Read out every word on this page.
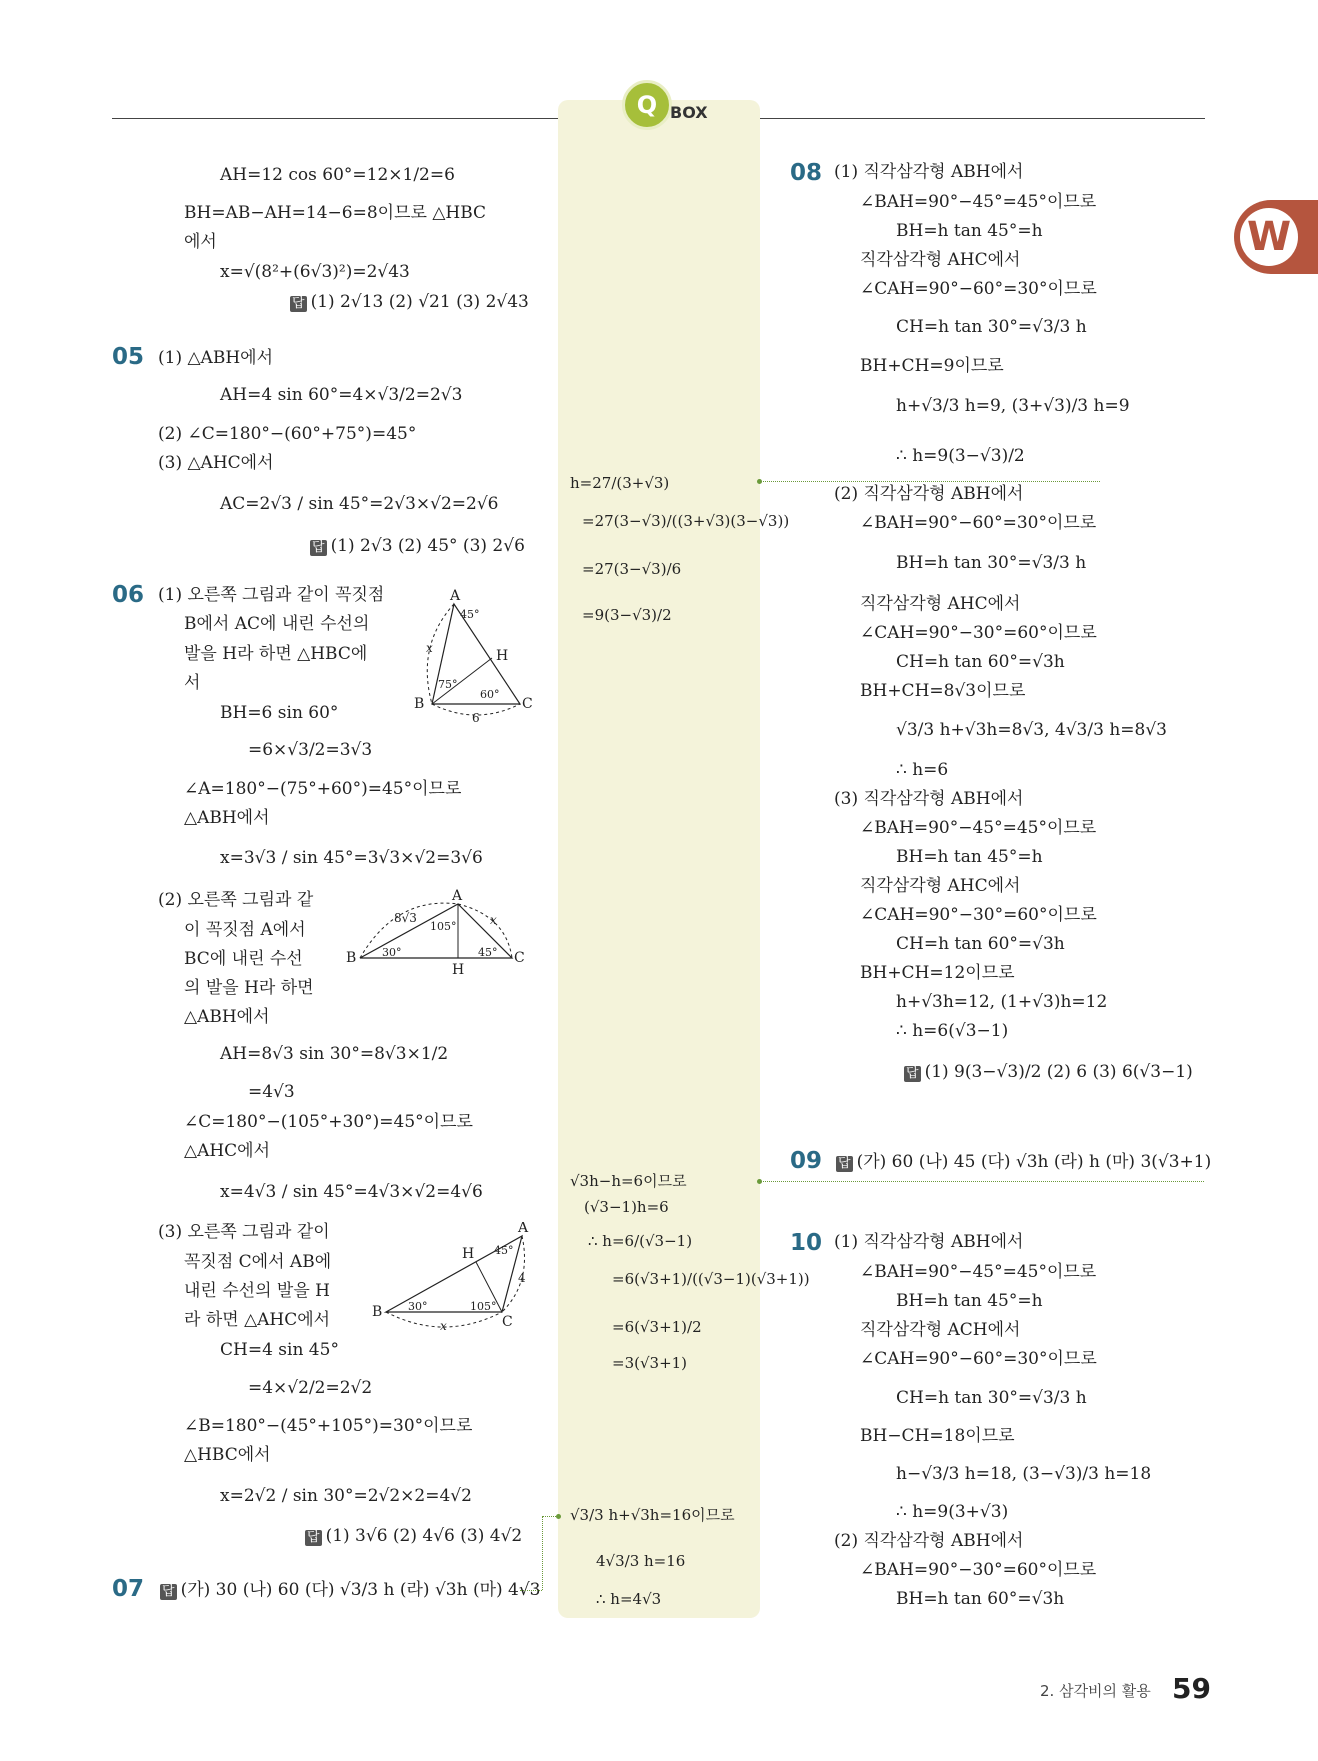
Q BOX
W
05
06
07
08
09
10
AH=12 cos 60°=12×1/2=6
BH=AB−AH=14−6=8이므로 △HBC
에서
x=√(8²+(6√3)²)=2√43
답 (1) 2√13 (2) √21 (3) 2√43
(1) △ABH에서
AH=4 sin 60°=4×√3/2=2√3
(2) ∠C=180°−(60°+75°)=45°
(3) △AHC에서
AC=2√3 / sin 45°=2√3×√2=2√6
답 (1) 2√3 (2) 45° (3) 2√6
(1) 오른쪽 그림과 같이 꼭짓점
B에서 AC에 내린 수선의
발을 H라 하면 △HBC에
서
BH=6 sin 60°
=6×√3/2=3√3
∠A=180°−(75°+60°)=45°이므로
△ABH에서
x=3√3 / sin 45°=3√3×√2=3√6
(2) 오른쪽 그림과 같
이 꼭짓점 A에서
BC에 내린 수선
의 발을 H라 하면
△ABH에서
AH=8√3 sin 30°=8√3×1/2
=4√3
∠C=180°−(105°+30°)=45°이므로
△AHC에서
x=4√3 / sin 45°=4√3×√2=4√6
(3) 오른쪽 그림과 같이
꼭짓점 C에서 AB에
내린 수선의 발을 H
라 하면 △AHC에서
CH=4 sin 45°
=4×√2/2=2√2
∠B=180°−(45°+105°)=30°이므로
△HBC에서
x=2√2 / sin 30°=2√2×2=4√2
답 (1) 3√6 (2) 4√6 (3) 4√2
답 (가) 30 (나) 60 (다) √3/3 h (라) √3h (마) 4√3
A
B	C
H
45°
75°
60°
6
x
A
B	C
H
8√3	x
105°
30°	45°
A
B
C
H 45°
30°	105°
4
x
h=27/(3+√3)
=27(3−√3)/((3+√3)(3−√3))
=27(3−√3)/6
=9(3−√3)/2
√3h−h=6이므로
(√3−1)h=6
∴ h=6/(√3−1)
=6(√3+1)/((√3−1)(√3+1))
=6(√3+1)/2
=3(√3+1)
√3/3 h+√3h=16이므로
4√3/3 h=16
∴ h=4√3
(1) 직각삼각형 ABH에서
∠BAH=90°−45°=45°이므로
BH=h tan 45°=h
직각삼각형 AHC에서
∠CAH=90°−60°=30°이므로
CH=h tan 30°=√3/3 h
BH+CH=9이므로
h+√3/3 h=9, (3+√3)/3 h=9
∴ h=9(3−√3)/2
(2) 직각삼각형 ABH에서
∠BAH=90°−60°=30°이므로
BH=h tan 30°=√3/3 h
직각삼각형 AHC에서
∠CAH=90°−30°=60°이므로
CH=h tan 60°=√3h
BH+CH=8√3이므로
√3/3 h+√3h=8√3, 4√3/3 h=8√3
∴ h=6
(3) 직각삼각형 ABH에서
∠BAH=90°−45°=45°이므로
BH=h tan 45°=h
직각삼각형 AHC에서
∠CAH=90°−30°=60°이므로
CH=h tan 60°=√3h
BH+CH=12이므로
h+√3h=12, (1+√3)h=12
∴ h=6(√3−1)
답 (1) 9(3−√3)/2 (2) 6 (3) 6(√3−1)
답 (가) 60 (나) 45 (다) √3h (라) h (마) 3(√3+1)
(1) 직각삼각형 ABH에서
∠BAH=90°−45°=45°이므로
BH=h tan 45°=h
직각삼각형 ACH에서
∠CAH=90°−60°=30°이므로
CH=h tan 30°=√3/3 h
BH−CH=18이므로
h−√3/3 h=18, (3−√3)/3 h=18
∴ h=9(3+√3)
(2) 직각삼각형 ABH에서
∠BAH=90°−30°=60°이므로
BH=h tan 60°=√3h
2. 삼각비의 활용 59
